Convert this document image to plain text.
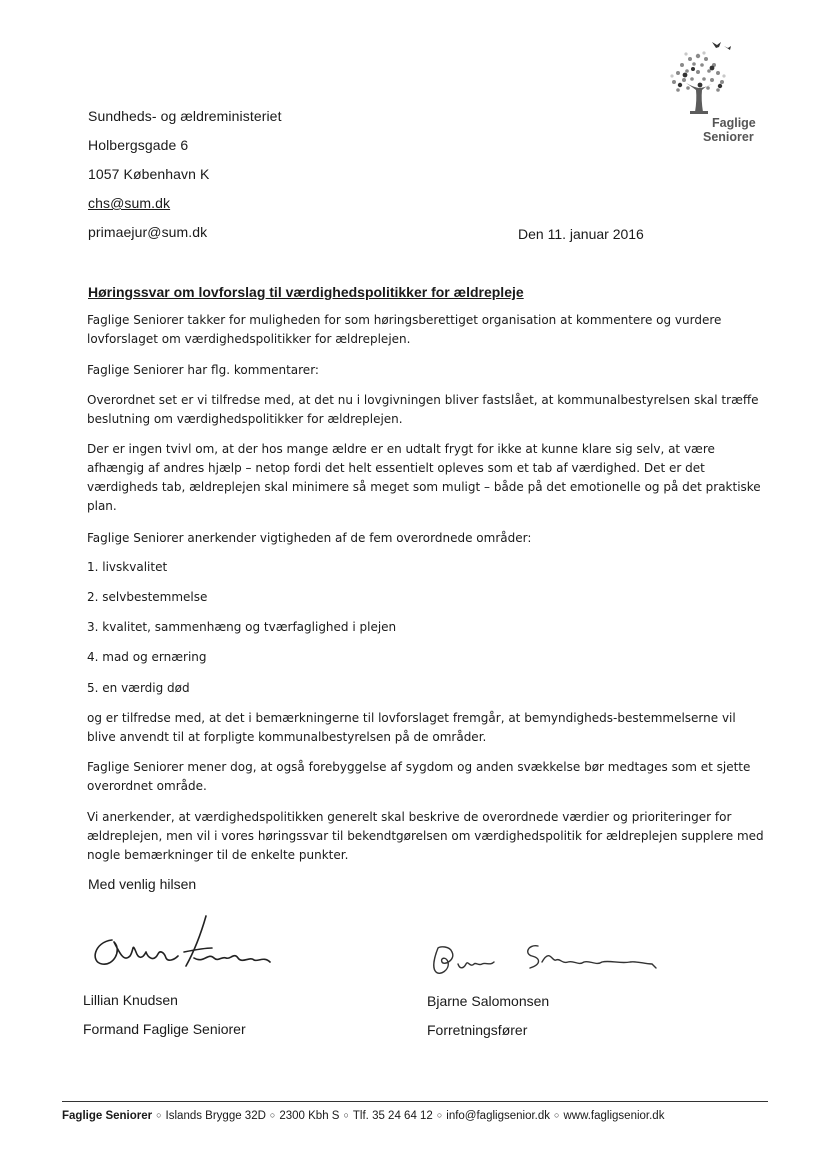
Faglige
Seniorer
Sundheds- og ældreministeriet
Holbergsgade 6
1057 København K
chs@sum.dk
primaejur@sum.dk	Den 11. januar 2016
Høringssvar om lovforslag til værdighedspolitikker for ældrepleje
Faglige Seniorer takker for muligheden for som høringsberettiget organisation at kommentere og vurdere lovforslaget om værdighedspolitikker for ældreplejen.
Faglige Seniorer har flg. kommentarer:
Overordnet set er vi tilfredse med, at det nu i lovgivningen bliver fastslået, at kommunalbestyrelsen skal træffe beslutning om værdighedspolitikker for ældreplejen.
Der er ingen tvivl om, at der hos mange ældre er en udtalt frygt for ikke at kunne klare sig selv, at være afhængig af andres hjælp – netop fordi det helt essentielt opleves som et tab af værdighed. Det er det værdigheds tab, ældreplejen skal minimere så meget som muligt – både på det emotionelle og på det praktiske plan.
Faglige Seniorer anerkender vigtigheden af de fem overordnede områder:
1. livskvalitet
2. selvbestemmelse
3. kvalitet, sammenhæng og tværfaglighed i plejen
4. mad og ernæring
5. en værdig død
og er tilfredse med, at det i bemærkningerne til lovforslaget fremgår, at bemyndigheds-bestemmelserne vil blive anvendt til at forpligte kommunalbestyrelsen på de områder.
Faglige Seniorer mener dog, at også forebyggelse af sygdom og anden svækkelse bør medtages som et sjette overordnet område.
Vi anerkender, at værdighedspolitikken generelt skal beskrive de overordnede værdier og prioriteringer for ældreplejen, men vil i vores høringssvar til bekendtgørelsen om værdighedspolitik for ældreplejen supplere med nogle bemærkninger til de enkelte punkter.
Med venlig hilsen
Lillian Knudsen
Formand Faglige Seniorer
Bjarne Salomonsen
Forretningsfører
Faglige Seniorer ○ Islands Brygge 32D ○ 2300 Kbh S ○ Tlf. 35 24 64 12 ○ info@fagligsenior.dk ○ www.fagligsenior.dk
